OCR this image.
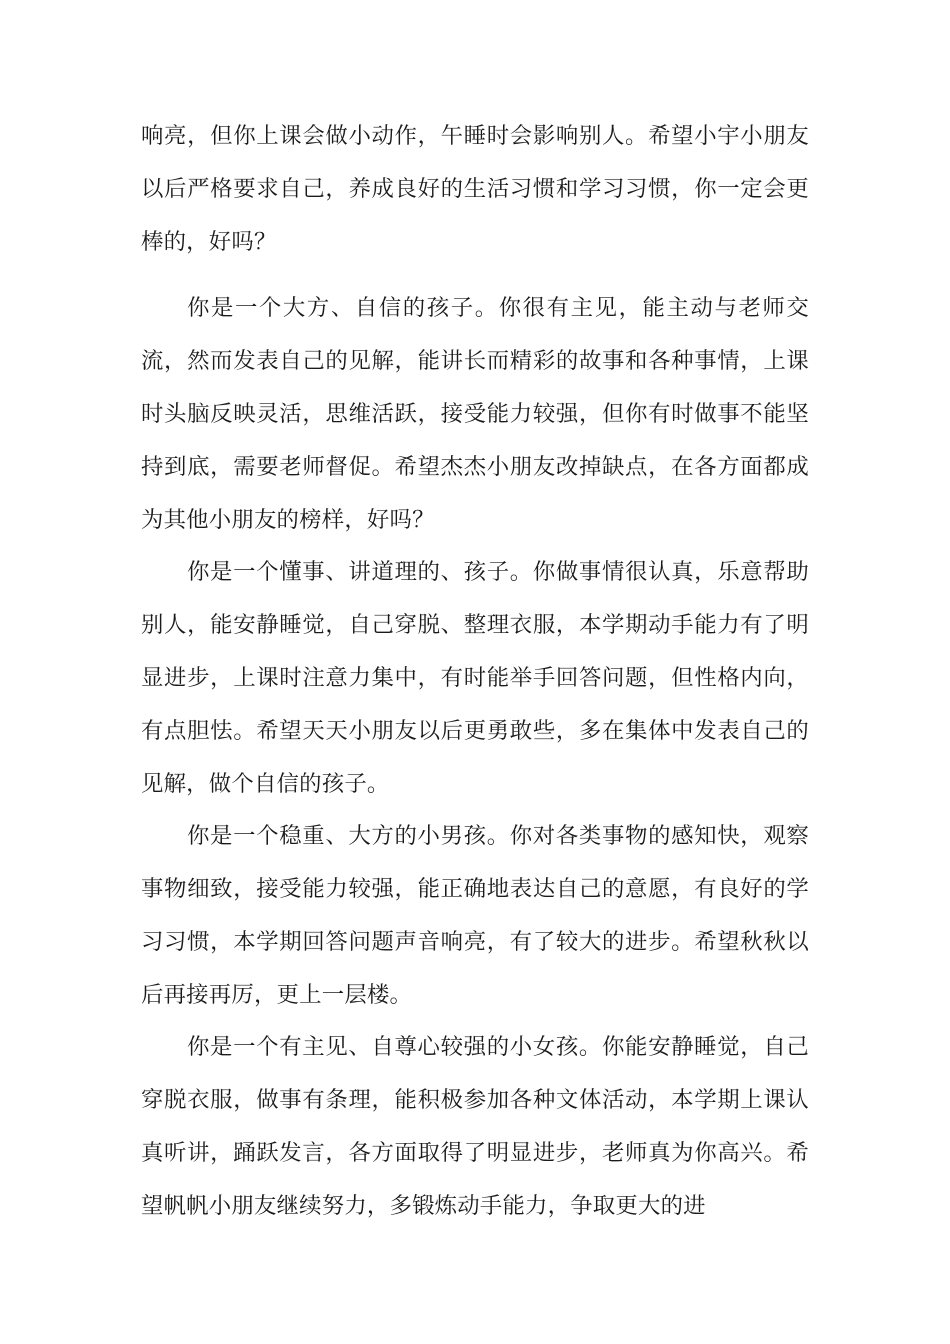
响亮，但你上课会做小动作，午睡时会影响别人。希望小宇小朋友以后严格要求自己，养成良好的生活习惯和学习习惯，你一定会更棒的，好吗？

你是一个大方、自信的孩子。你很有主见，能主动与老师交流，然而发表自己的见解，能讲长而精彩的故事和各种事情，上课时头脑反映灵活，思维活跃，接受能力较强，但你有时做事不能坚持到底，需要老师督促。希望杰杰小朋友改掉缺点，在各方面都成为其他小朋友的榜样，好吗？

你是一个懂事、讲道理的、孩子。你做事情很认真，乐意帮助别人，能安静睡觉，自己穿脱、整理衣服，本学期动手能力有了明显进步，上课时注意力集中，有时能举手回答问题，但性格内向，有点胆怯。希望天天小朋友以后更勇敢些，多在集体中发表自己的见解，做个自信的孩子。

你是一个稳重、大方的小男孩。你对各类事物的感知快，观察事物细致，接受能力较强，能正确地表达自己的意愿，有良好的学习习惯，本学期回答问题声音响亮，有了较大的进步。希望秋秋以后再接再厉，更上一层楼。

你是一个有主见、自尊心较强的小女孩。你能安静睡觉，自己穿脱衣服，做事有条理，能积极参加各种文体活动，本学期上课认真听讲，踊跃发言，各方面取得了明显进步，老师真为你高兴。希望帆帆小朋友继续努力，多锻炼动手能力，争取更大的进
